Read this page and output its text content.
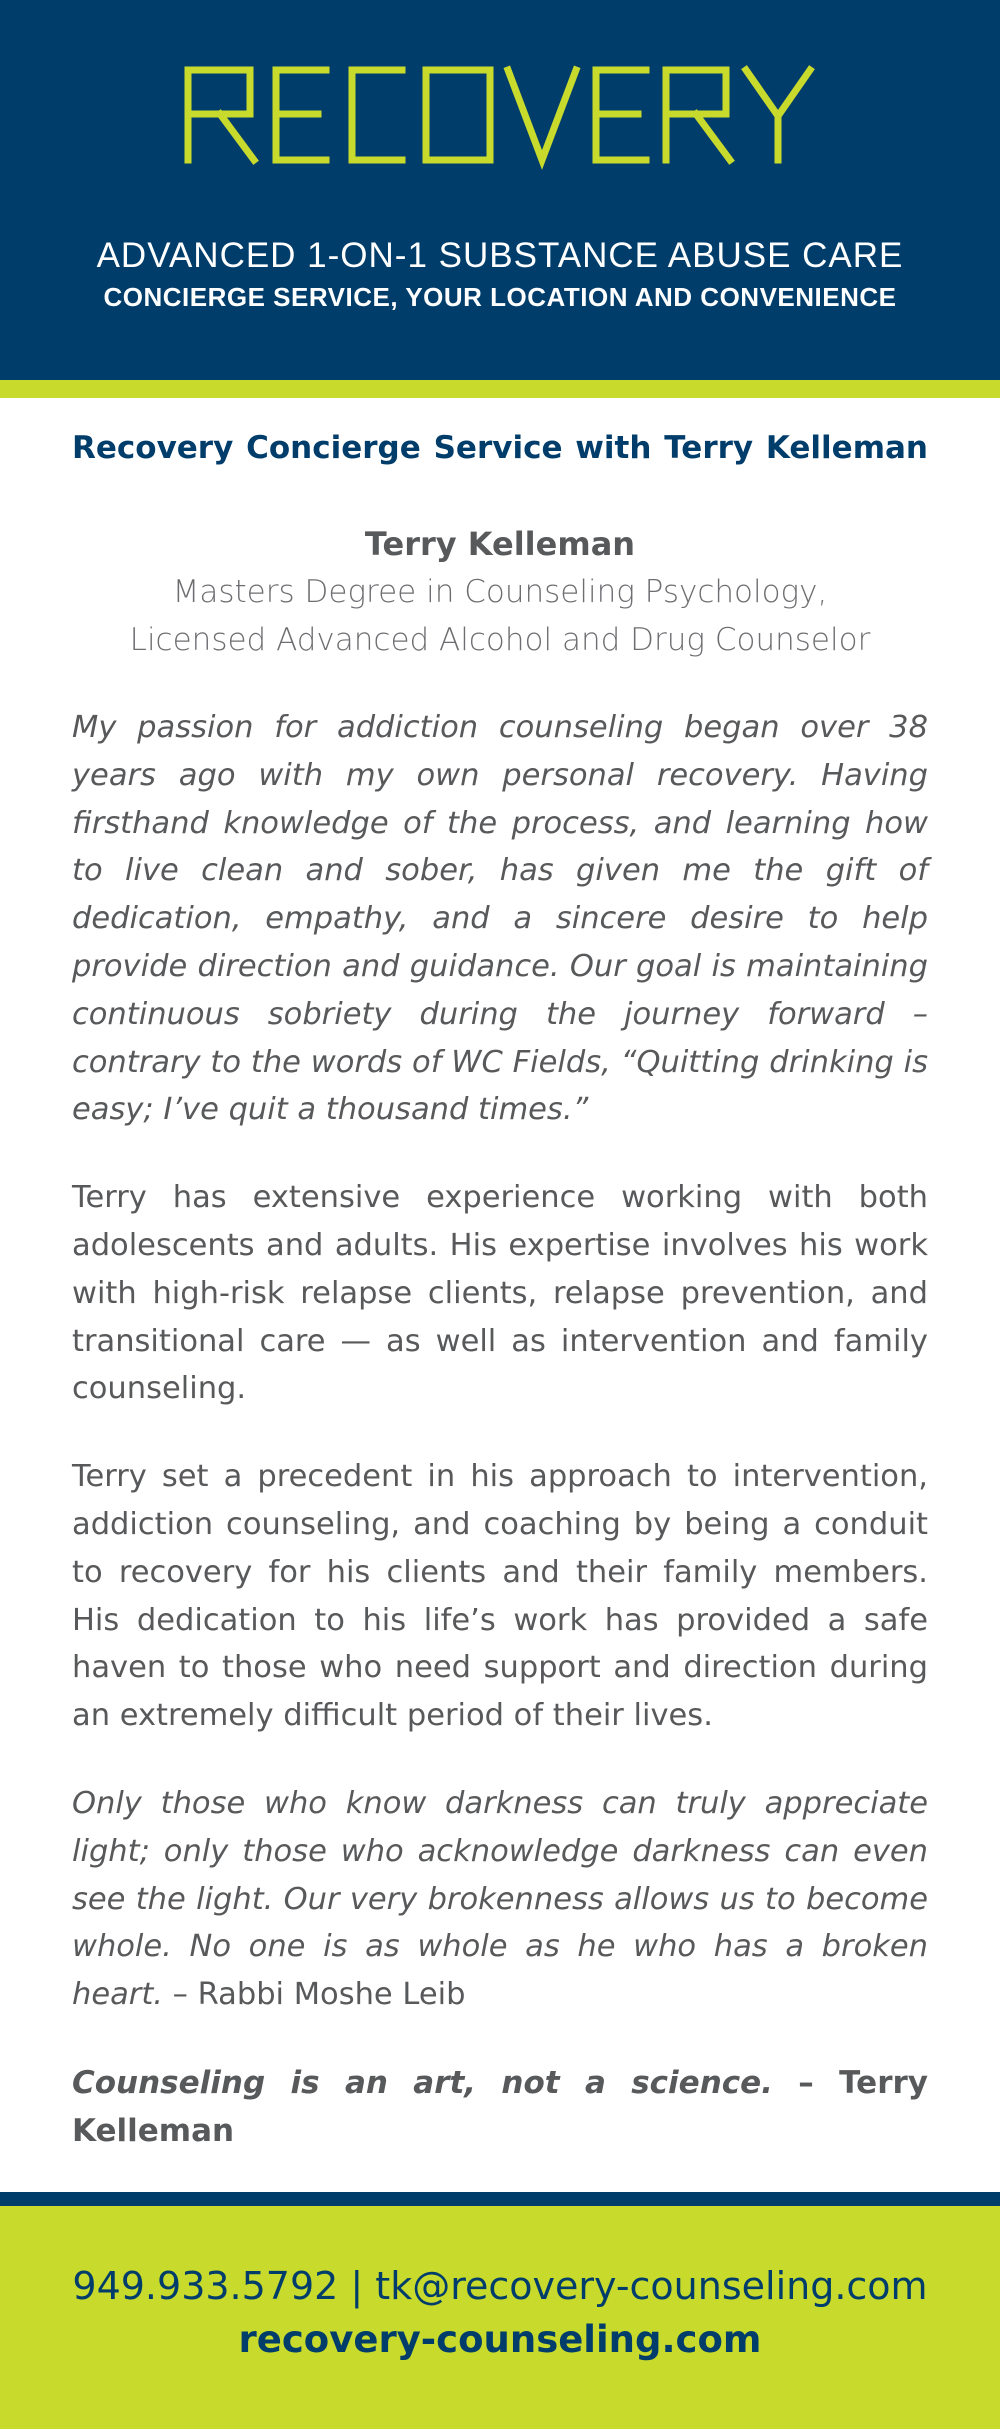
ADVANCED 1-ON-1 SUBSTANCE ABUSE CARE
CONCIERGE SERVICE, YOUR LOCATION AND CONVENIENCE
Recovery Concierge Service with Terry Kelleman
Terry Kelleman
Masters Degree in Counseling Psychology,
Licensed Advanced Alcohol and Drug Counselor

My passion for addiction counseling began over 38 years ago with my own personal recovery. Having firsthand knowledge of the process, and learning how to live clean and sober, has given me the gift of dedication, empathy, and a sincere desire to help provide direction and guidance. Our goal is maintaining continuous sobriety during the journey forward – contrary to the words of WC Fields, “Quitting drinking is easy; I’ve quit a thousand times.”

Terry has extensive experience working with both adolescents and adults. His expertise involves his work with high-risk relapse clients, relapse prevention, and transitional care — as well as intervention and family counseling.

Terry set a precedent in his approach to intervention, addiction counseling, and coaching by being a conduit to recovery for his clients and their family members. His dedication to his life’s work has provided a safe haven to those who need support and direction during an extremely difficult period of their lives.

Only those who know darkness can truly appreciate light; only those who acknowledge darkness can even see the light. Our very brokenness allows us to become whole. No one is as whole as he who has a broken heart. – Rabbi Moshe Leib

Counseling is an art, not a science. – Terry Kelleman
949.933.5792 | tk@recovery-counseling.com
recovery-counseling.com
